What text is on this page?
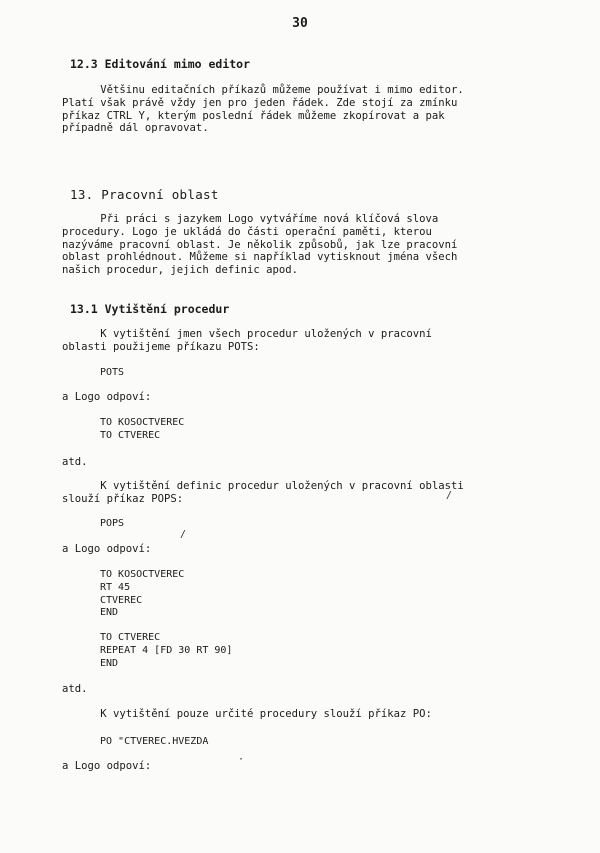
30
12.3 Editování mimo editor
Většinu editačních příkazů můžeme používat i mimo editor.
Platí však právě vždy jen pro jeden řádek. Zde stojí za zmínku
příkaz CTRL Y, kterým poslední řádek můžeme zkopírovat a pak
případně dál opravovat.
13. Pracovní oblast
Při práci s jazykem Logo vytváříme nová klíčová slova
procedury. Logo je ukládá do části operační paměti, kterou
nazýváme pracovní oblast. Je několik způsobů, jak lze pracovní
oblast prohlédnout. Můžeme si například vytisknout jména všech
našich procedur, jejich definic apod.
13.1 Vytištění procedur
K vytištění jmen všech procedur uložených v pracovní
oblasti použijeme příkazu POTS:
POTS
a Logo odpoví:
TO KOSOCTVEREC
TO CTVEREC
atd.
K vytištění definic procedur uložených v pracovní oblasti
slouží příkaz POPS:	/
POPS
/
a Logo odpoví:
TO KOSOCTVEREC
RT 45
CTVEREC
END
TO CTVEREC
REPEAT 4 [FD 30 RT 90]
END
atd.
K vytištění pouze určité procedury slouží příkaz PO:
PO "CTVEREC.HVEZDA
a Logo odpoví:
·
